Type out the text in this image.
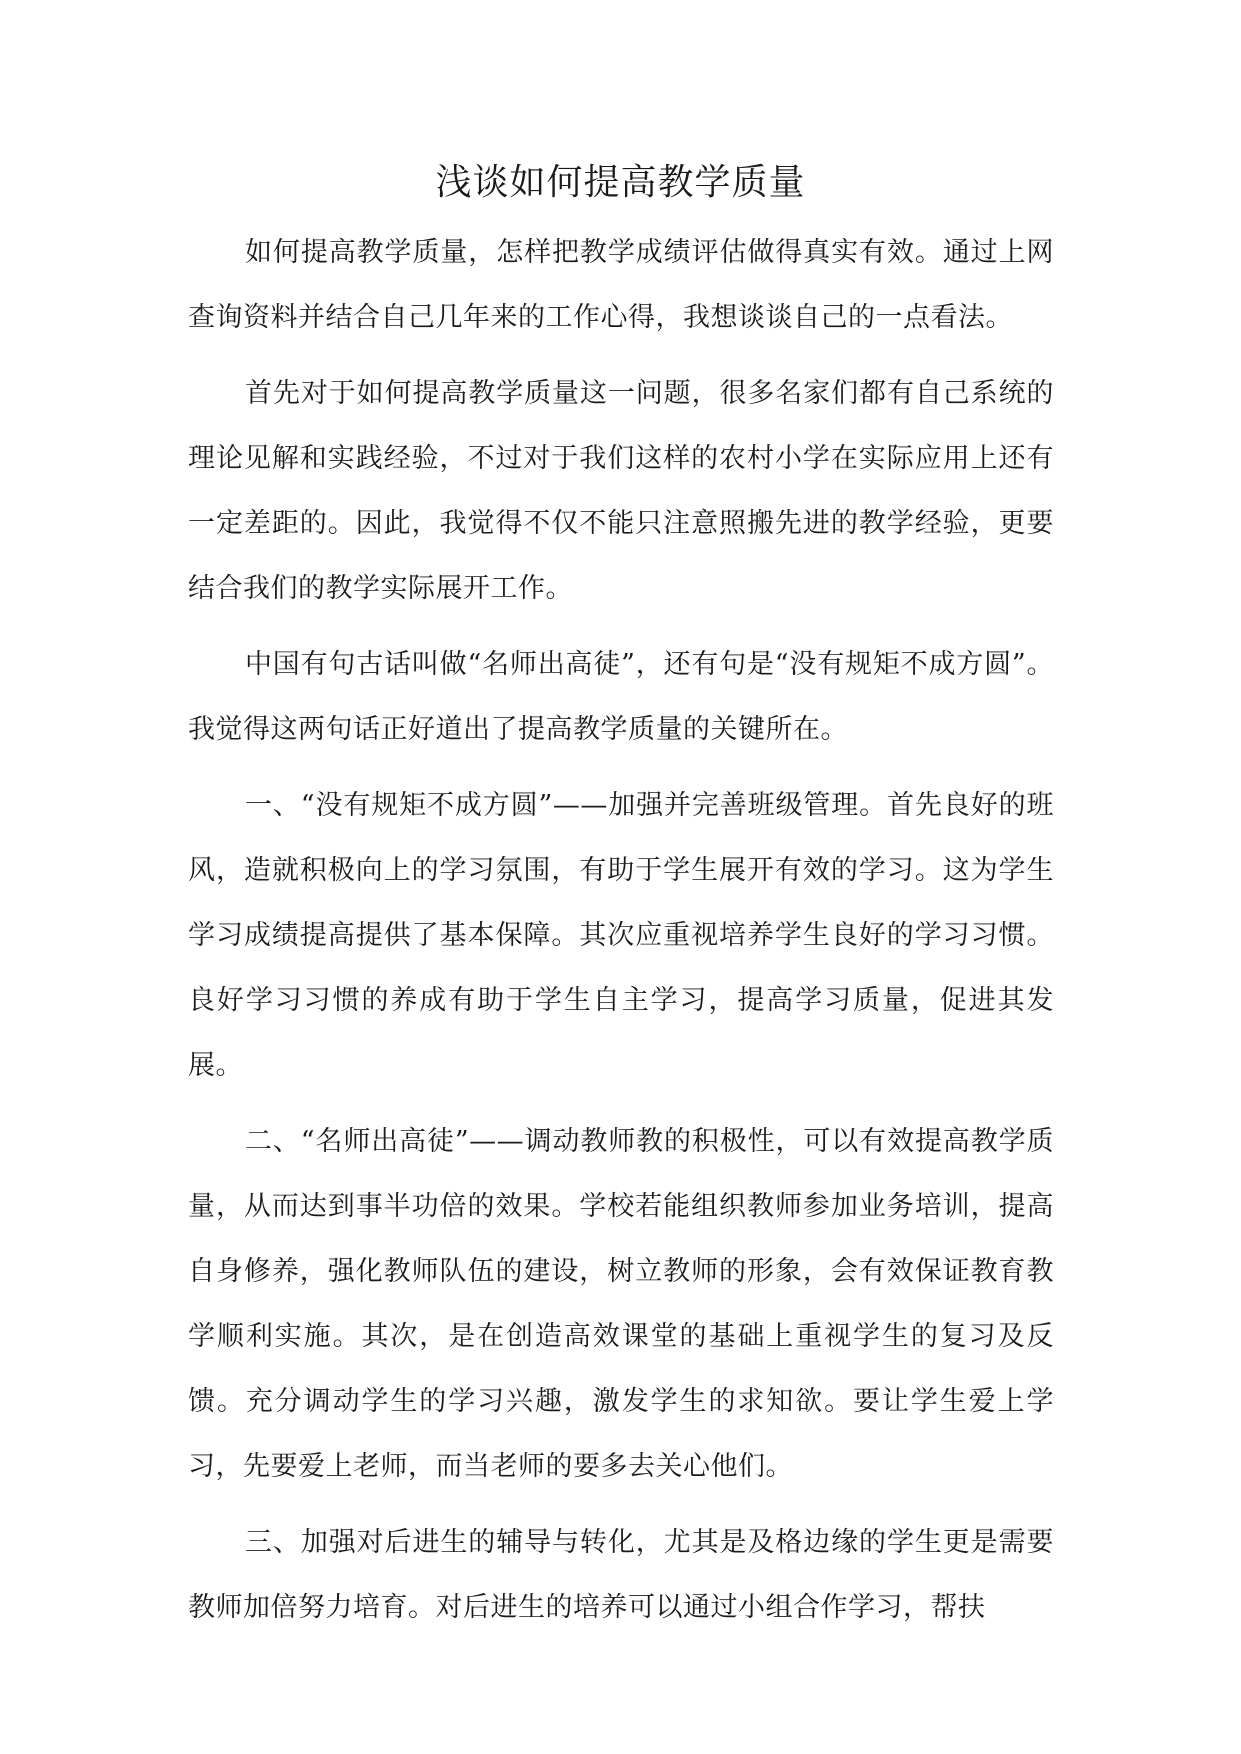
浅谈如何提高教学质量

如何提高教学质量，怎样把教学成绩评估做得真实有效。通过上网查询资料并结合自己几年来的工作心得，我想谈谈自己的一点看法。

首先对于如何提高教学质量这一问题，很多名家们都有自己系统的理论见解和实践经验，不过对于我们这样的农村小学在实际应用上还有一定差距的。因此，我觉得不仅不能只注意照搬先进的教学经验，更要结合我们的教学实际展开工作。

中国有句古话叫做“名师出高徒”，还有句是“没有规矩不成方圆”。我觉得这两句话正好道出了提高教学质量的关键所在。

一、“没有规矩不成方圆”——加强并完善班级管理。首先良好的班风，造就积极向上的学习氛围，有助于学生展开有效的学习。这为学生学习成绩提高提供了基本保障。其次应重视培养学生良好的学习习惯。良好学习习惯的养成有助于学生自主学习，提高学习质量，促进其发展。

二、“名师出高徒”——调动教师教的积极性，可以有效提高教学质量，从而达到事半功倍的效果。学校若能组织教师参加业务培训，提高自身修养，强化教师队伍的建设，树立教师的形象，会有效保证教育教学顺利实施。其次，是在创造高效课堂的基础上重视学生的复习及反馈。充分调动学生的学习兴趣，激发学生的求知欲。要让学生爱上学习，先要爱上老师，而当老师的要多去关心他们。

三、加强对后进生的辅导与转化，尤其是及格边缘的学生更是需要教师加倍努力培育。对后进生的培养可以通过小组合作学习，帮扶
